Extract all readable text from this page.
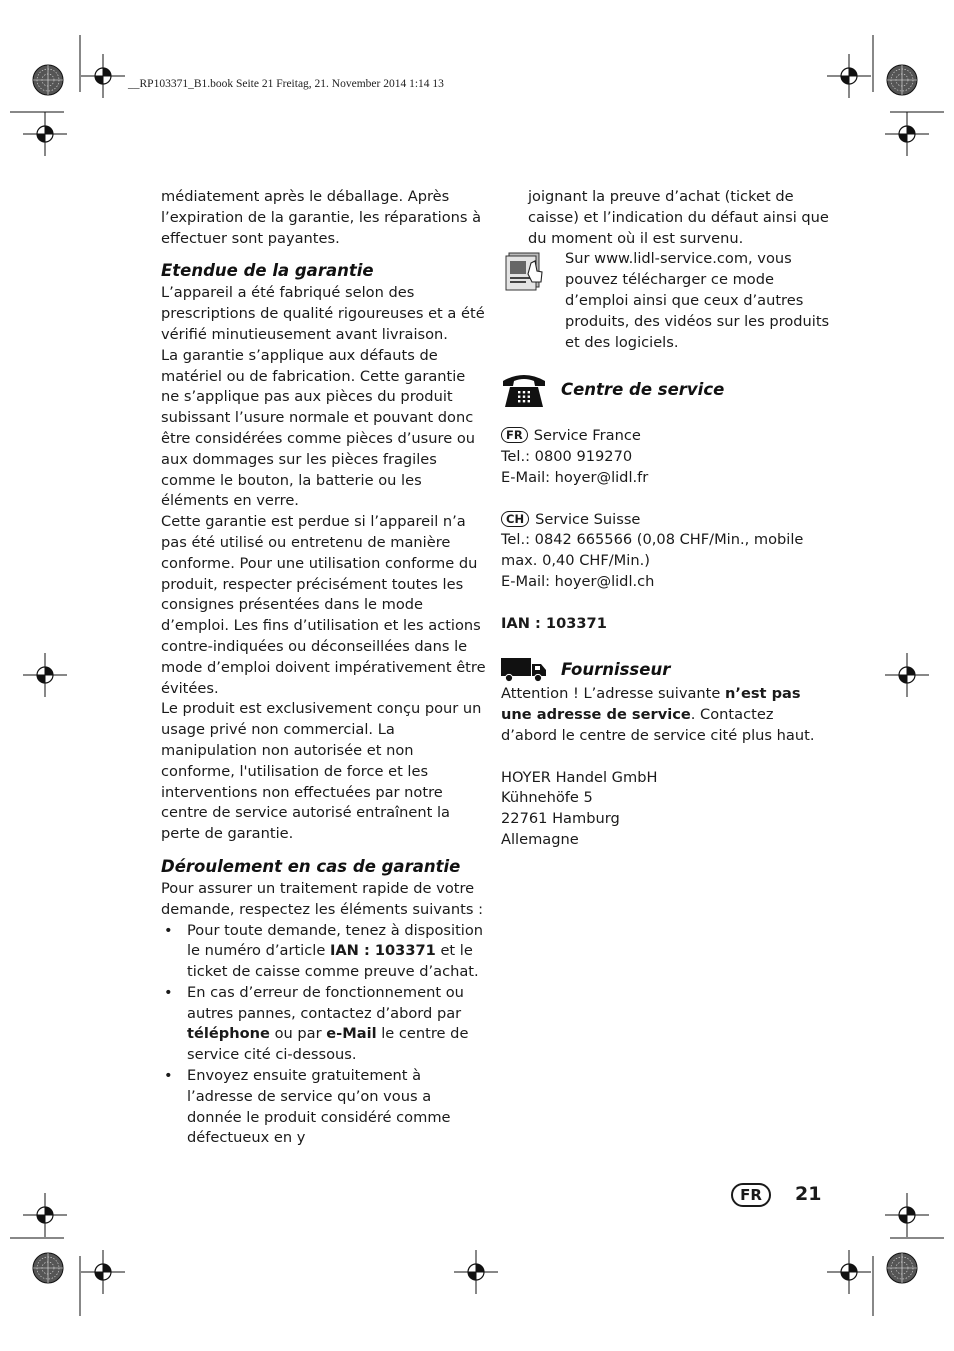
__RP103371_B1.book Seite 21 Freitag, 21. November 2014 1:14 13

médiatement après le déballage. Après l’expiration de la garantie, les réparations à effectuer sont payantes.

Etendue de la garantie

L’appareil a été fabriqué selon des prescriptions de qualité rigoureuses et a été vérifié minutieusement avant livraison.

La garantie s’applique aux défauts de matériel ou de fabrication. Cette garantie ne s’applique pas aux pièces du produit subissant l’usure normale et pouvant donc être considérées comme pièces d’usure ou aux dommages sur les pièces fragiles comme le bouton, la batterie ou les éléments en verre.

Cette garantie est perdue si l’appareil n’a pas été utilisé ou entretenu de manière conforme. Pour une utilisation conforme du produit, respecter précisément toutes les consignes présentées dans le mode d’emploi. Les fins d’utilisation et les actions contre-indiquées ou déconseillées dans le mode d’emploi doivent impérativement être évitées.

Le produit est exclusivement conçu pour un usage privé non commercial. La manipulation non autorisée et non conforme, l'utilisation de force et les interventions non effectuées par notre centre de service autorisé entraînent la perte de garantie.

Déroulement en cas de garantie

Pour assurer un traitement rapide de votre demande, respectez les éléments suivants :

• Pour toute demande, tenez à disposition le numéro d’article IAN : 103371 et le ticket de caisse comme preuve d’achat.
• En cas d’erreur de fonctionnement ou autres pannes, contactez d’abord par téléphone ou par e-Mail le centre de service cité ci-dessous.
• Envoyez ensuite gratuitement à l’adresse de service qu’on vous a donnée le produit considéré comme défectueux en y

joignant la preuve d’achat (ticket de caisse) et l’indication du défaut ainsi que du moment où il est survenu.

Sur www.lidl-service.com, vous pouvez télécharger ce mode d’emploi ainsi que ceux d’autres produits, des vidéos sur les produits et des logiciels.

Centre de service

FR Service France

Tel.: 0800 919270

E-Mail: hoyer@lidl.fr

CH Service Suisse

Tel.: 0842 665566 (0,08 CHF/Min., mobile max. 0,40 CHF/Min.)

E-Mail: hoyer@lidl.ch

IAN : 103371

Fournisseur

Attention ! L’adresse suivante n’est pas une adresse de service. Contactez d’abord le centre de service cité plus haut.

HOYER Handel GmbH

Kühnehöfe 5

22761 Hamburg

Allemagne

FR	21
